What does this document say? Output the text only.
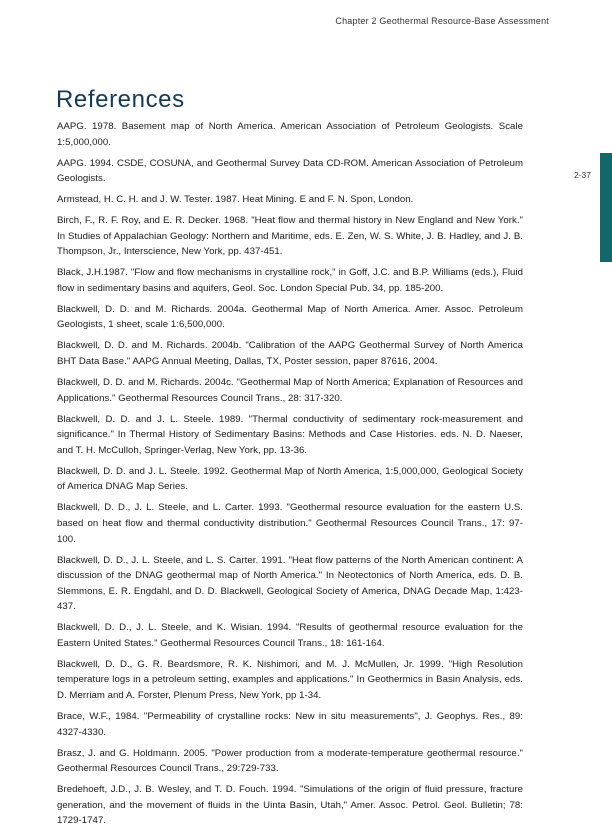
Chapter 2 Geothermal Resource-Base Assessment
References
2-37

AAPG. 1978. Basement map of North America. American Association of Petroleum Geologists. Scale 1:5,000,000.

AAPG. 1994. CSDE, COSUNA, and Geothermal Survey Data CD-ROM. American Association of Petroleum Geologists.

Armstead, H. C. H. and J. W. Tester. 1987. Heat Mining. E and F. N. Spon, London.

Birch, F., R. F. Roy, and E. R. Decker. 1968. "Heat flow and thermal history in New England and New York." In Studies of Appalachian Geology: Northern and Maritime, eds. E. Zen, W. S. White, J. B. Hadley, and J. B. Thompson, Jr., Interscience, New York, pp. 437-451.

Black, J.H.1987. "Flow and flow mechanisms in crystalline rock," in Goff, J.C. and B.P. Williams (eds.), Fluid flow in sedimentary basins and aquifers, Geol. Soc. London Special Pub. 34, pp. 185-200.

Blackwell, D. D. and M. Richards. 2004a. Geothermal Map of North America. Amer. Assoc. Petroleum Geologists, 1 sheet, scale 1:6,500,000.

Blackwell, D. D. and M. Richards. 2004b. "Calibration of the AAPG Geothermal Survey of North America BHT Data Base." AAPG Annual Meeting, Dallas, TX, Poster session, paper 87616, 2004.

Blackwell, D. D. and M. Richards. 2004c. "Geothermal Map of North America; Explanation of Resources and Applications." Geothermal Resources Council Trans., 28: 317-320.

Blackwell, D. D. and J. L. Steele. 1989. "Thermal conductivity of sedimentary rock-measurement and significance." In Thermal History of Sedimentary Basins: Methods and Case Histories. eds. N. D. Naeser, and T. H. McCulloh, Springer-Verlag, New York, pp. 13-36.

Blackwell, D. D. and J. L. Steele. 1992. Geothermal Map of North America, 1:5,000,000, Geological Society of America DNAG Map Series.

Blackwell, D. D., J. L. Steele, and L. Carter. 1993. "Geothermal resource evaluation for the eastern U.S. based on heat flow and thermal conductivity distribution." Geothermal Resources Council Trans., 17: 97-100.

Blackwell, D. D., J. L. Steele, and L. S. Carter. 1991. "Heat flow patterns of the North American continent: A discussion of the DNAG geothermal map of North America." In Neotectonics of North America, eds. D. B. Slemmons, E. R. Engdahl, and D. D. Blackwell, Geological Society of America, DNAG Decade Map, 1:423-437.

Blackwell, D. D., J. L. Steele, and K. Wisian. 1994. "Results of geothermal resource evaluation for the Eastern United States." Geothermal Resources Council Trans., 18: 161-164.

Blackwell, D. D., G. R. Beardsmore, R. K. Nishimori, and M. J. McMullen, Jr. 1999. "High Resolution temperature logs in a petroleum setting, examples and applications." In Geothermics in Basin Analysis, eds. D. Merriam and A. Forster, Plenum Press, New York, pp 1-34.

Brace, W.F., 1984. "Permeability of crystalline rocks: New in situ measurements", J. Geophys. Res., 89: 4327-4330.

Brasz, J. and G. Holdmann. 2005. "Power production from a moderate-temperature geothermal resource." Geothermal Resources Council Trans., 29:729-733.

Bredehoeft, J.D., J. B. Wesley, and T. D. Fouch. 1994. "Simulations of the origin of fluid pressure, fracture generation, and the movement of fluids in the Uinta Basin, Utah," Amer. Assoc. Petrol. Geol. Bulletin; 78: 1729-1747.
